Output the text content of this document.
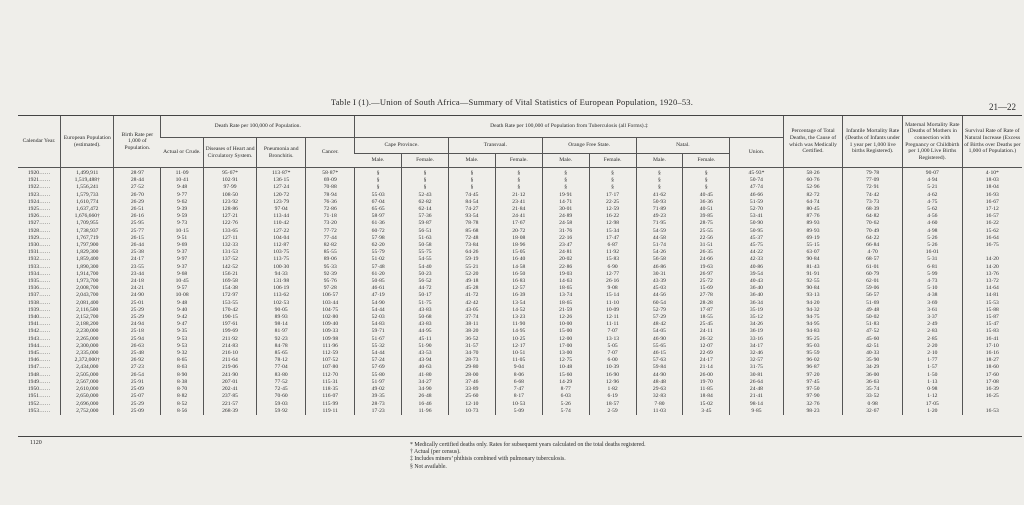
Table I (1).—Union of South Africa—Summary of Vital Statistics of European Population, 1920–53.	21—22
Calendar Year.	European Population (estimated).	Birth Rate per 1,000 of Population.	Death Rate per 100,000 of Population.				Death Rate per 100,000 of Population from Tuberculosis (all Forms).‡									Percentage of Total Deaths, the Cause of which was Medically Certified.	Infantile Mortality Rate (Deaths of Infants under 1 year per 1,000 live births Registered).	Maternal Mortality Rate (Deaths of Mothers in connection with Pregnancy or Childbirth per 1,000 Live Births Registered).	Survival Rate of Rate of Natural Increase (Excess of Births over Deaths per 1,000 of Population.)
			Actual or Crude.	Diseases of Heart and Circulatory System.	Pneumonia and Bronchitis.	Cancer.	Cape Province.		Transvaal.		Orange Free State.		Natal.		Union.				
							Male.	Female.	Male.	Female.	Male.	Female.	Male.	Female.					
1920……	1,499,911	28·97	11·09	95·67*	113·87*	58·87*	§	§	§	§	§	§	§	§	45·93*	58·26	79·78	90·07	4·10*
1921……	1,519,488†	28·44	10·41	102·91	136·15	69·09	§	§	§	§	§	§	§	§	50·74	60·76	77·09	4·94	18·03
1922……	1,556,241	27·52	9·48	97·99	127·24	70·88	§	§	§	§	§	§	§	§	47·74	52·96	72·91	5·21	18·04
1923……	1,579,733	26·70	9·77	108·50	120·72	78·94	55·03	52·43	74·45	21·12	19·91	17·17	41·62	40·45	46·66	82·72	74·42	4·62	16·93
1924……	1,610,774	26·29	9·62	123·92	123·79	76·36	67·04	62·82	84·54	23·41	14·71	22·25	50·93	36·36	51·59	64·74	73·73	4·75	16·67
1925……	1,637,472	26·51	9·39	128·86	97·04	72·86	65·65	62·14	74·27	21·84	30·01	12·59	71·89	40·51	52·70	80·45	68·39	5·62	17·12
1926……	1,676,660†	26·16	9·59	127·21	113·44	71·18	58·97	57·36	93·54	24·41	24·89	16·22	49·23	39·85	53·41	87·76	64·82	4·56	16·57
1927……	1,709,955	25·95	9·73	122·76	110·42	73·20	61·36	59·87	78·78	17·67	24·58	12·98	71·95	28·75	50·90	89·93	70·62	4·60	16·22
1928……	1,738,937	25·77	10·15	133·65	127·22	77·72	60·72	56·51	85·68	20·72	31·76	15·34	54·59	25·55	50·95	89·93	70·49	4·98	15·62
1929……	1,767,719	26·15	9·51	127·11	104·04	77·44	57·98	51·63	72·48	18·08	22·16	17·47	44·58	22·56	45·37	69·19	64·22	5·26	16·64
1930……	1,797,900	26·44	9·69	132·33	112·87	82·82	62·20	50·58	73·84	18·96	23·47	6·87	51·74	31·51	45·75	55·15	66·84	5·26	16·75
1931……	1,829,300	25·38	9·37	131·53	103·75	85·55	55·79	55·75	64·26	15·05	24·81	11·92	54·26	26·35	44·22	63·07	4·70	16·01	
1932……	1,859,400	24·17	9·97	137·52	113·75	89·06	51·02	54·55	59·19	16·40	20·02	15·83	56·58	24·66	42·33	90·84	68·57	5·31	14·20
1933……	1,890,300	23·55	9·37	142·52	100·30	95·33	57·48	54·40	55·21	14·58	22·86	6·90	46·86	19·63	40·86	81·43	61·01	6·81	14·20
1934……	1,914,700	23·44	9·68	156·21	94·33	92·39	61·20	50·23	52·20	16·50	19·03	12·77	30·31	26·97	39·54	91·91	60·79	5·99	13·76
1935……	1,973,700	24·18	10·45	169·58	131·98	95·76	50·85	56·52	49·18	16·83	14·63	26·16	43·39	25·72	40·43	92·55	62·01	4·73	13·72
1936……	2,008,700	24·21	9·57	154·38	106·19	97·28	46·61	44·72	45·28	12·57	18·65	9·08	45·03	15·69	36·40	90·84	59·06	5·10	14·64
1937……	2,043,700	24·90	10·08	172·97	113·62	106·57	47·19	50·17	41·72	16·39	13·74	15·14	44·56	27·78	36·40	93·13	56·57	4·38	14·81
1938……	2,081,400	25·01	9·48	153·55	102·53	103·44	54·90	51·75	42·42	13·54	18·65	11·10	60·54	28·28	36·34	94·20	51·69	3·69	15·53
1939……	2,116,500	25·29	9·40	170·42	90·05	104·75	54·44	43·83	43·05	14·52	21·59	10·09	52·79	17·87	35·19	94·32	49·48	3·61	15·88
1940……	2,152,700	25·29	9·42	190·15	89·93	102·80	52·03	50·68	37·74	13·23	12·26	12·11	57·29	18·55	35·12	94·75	50·02	3·37	15·87
1941……	2,188,200	24·94	9·47	197·61	98·14	109·40	54·83	43·83	38·11	11·90	10·00	11·11	48·42	25·45	34·26	94·95	51·83	2·49	15·47
1942……	2,230,000	25·18	9·35	199·69	81·97	109·33	59·71	44·95	38·20	14·95	15·00	7·07	54·05	24·11	36·19	94·83	47·52	2·83	15·83
1943……	2,265,000	25·94	9·53	211·92	92·23	109·98	51·67	45·11	36·52	10·25	12·00	13·13	46·90	26·32	33·16	95·25	45·60	2·85	16·41
1944……	2,300,000	26·63	9·53	214·83	84·78	111·96	55·32	51·90	31·57	12·17	17·00	5·05	55·65	12·07	34·17	95·03	42·51	2·20	17·10
1945……	2,335,000	25·48	9·32	216·10	85·65	112·59	54·44	43·53	34·70	10·51	13·00	7·07	46·15	22·69	32·46	95·59	40·33	2·10	16·16
1946……	2,372,000†	26·92	8·65	211·64	78·12	107·52	57·24	43·94	28·73	11·05	12·75	6·00	57·63	24·17	32·57	96·02	35·90	1·77	18·27
1947……	2,434,000	27·23	8·63	219·06	77·04	107·80	57·69	40·63	29·80	9·04	10·48	10·39	59·84	21·14	31·75	96·87	34·29	1·57	18·60
1948……	2,505,000	26·54	8·90	241·90	83·80	112·70	55·80	41·80	28·00	8·06	15·60	16·90	44·90	26·00	30·81	97·20	36·00	1·50	17·60
1949……	2,567,000	25·91	8·38	207·01	77·52	115·31	51·97	34·27	37·46	6·68	14·29	12·96	48·48	19·70	26·64	97·45	36·63	1·13	17·08
1950……	2,610,000	25·09	8·70	202·41	72·45	118·35	49·02	34·90	33·89	7·47	8·77	1·82	29·63	11·85	24·48	97·50	35·74	0·98	16·39
1951……	2,650,000	25·07	8·82	237·85	70·60	116·07	39·35	26·48	25·60	8·17	6·03	6·19	32·83	18·84	21·41	97·90	33·52	1·12	16·25
1952……	2,696,000	25·29	8·52	221·57	59·03	115·99	28·73	16·46	12·10	10·53	5·26	18·57	7·80	15·02	98·14	32·76	0·98	17·05	
1953……	2,752,000	25·09	8·56	268·39	59·92	119·11	17·23	11·96	10·73	5·09	5·74	2·59	11·03	3·45	9·85	98·23	32·67	1·20	16·53
1120	* Medically certified deaths only. Rates for subsequent years calculated on the total deaths registered.
† Actual (per census).
‡ Includes miners’ phthisis combined with pulmonary tuberculosis.
§ Not available.
